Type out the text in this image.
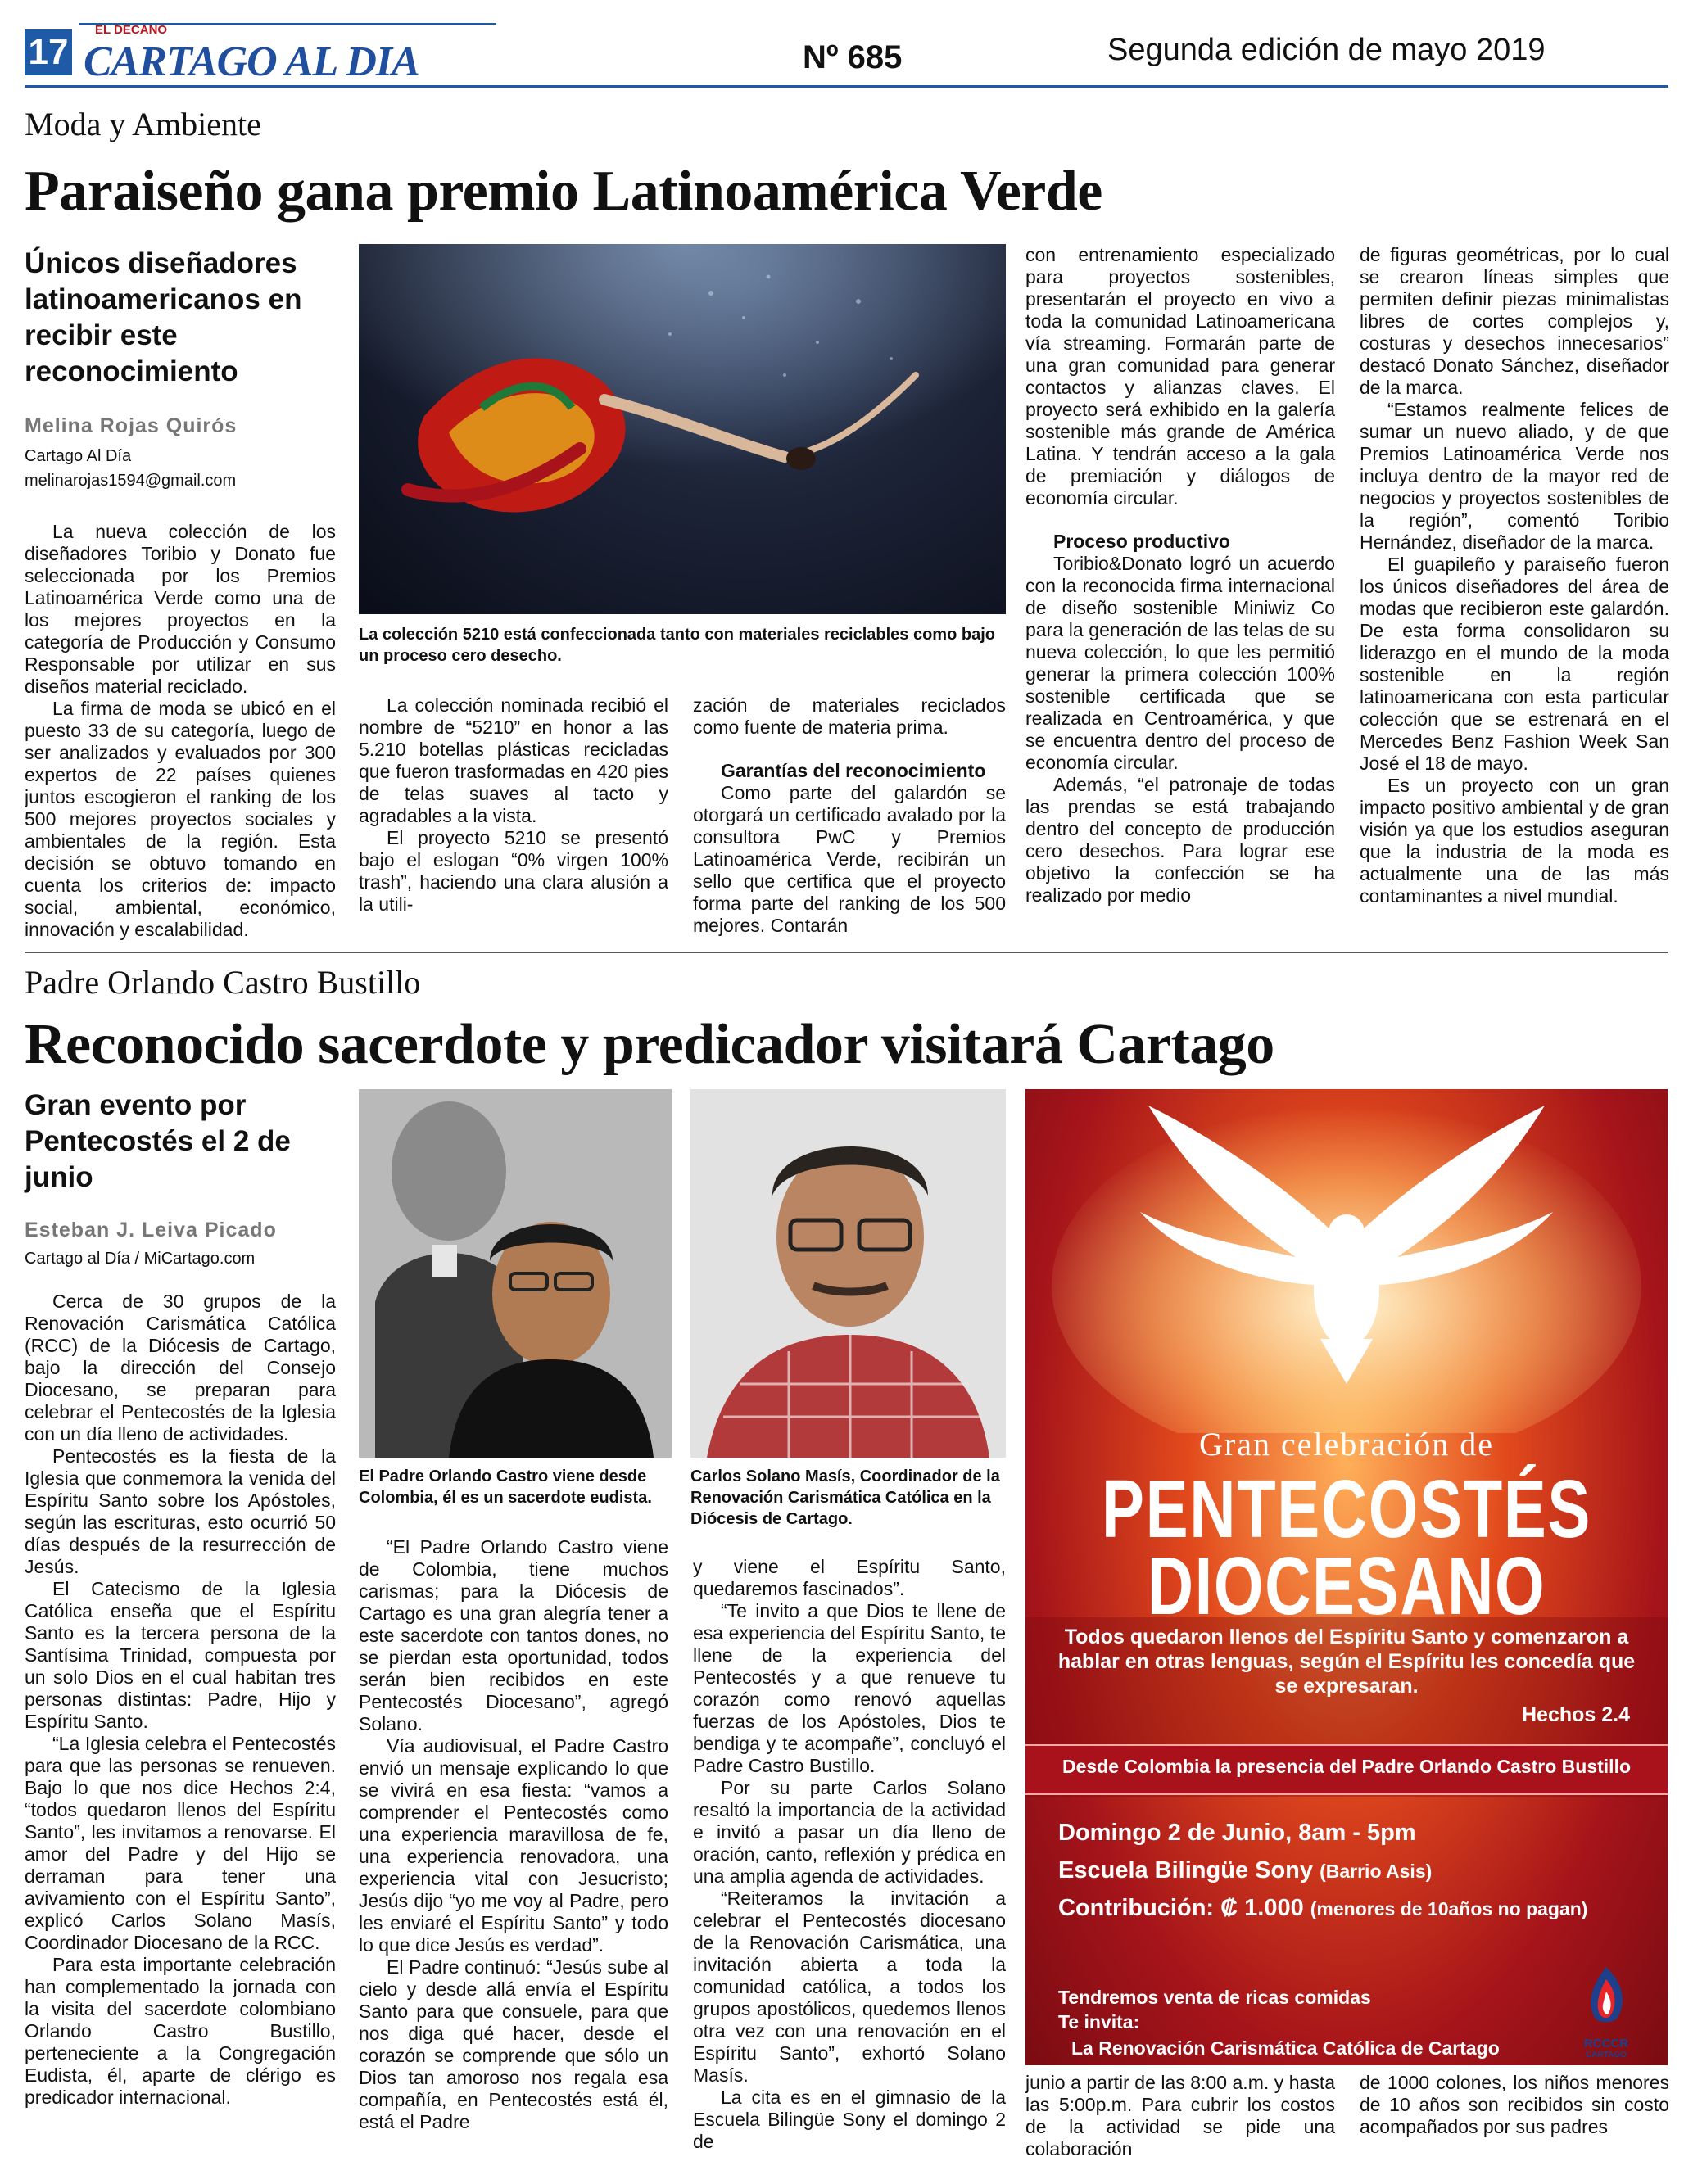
17
EL DECANO
CARTAGO AL DIA	Nº 685	Segunda edición de mayo 2019
Moda y Ambiente
Paraiseño gana premio Latinoamérica Verde
Únicos diseñadores latinoamericanos en recibir este reconocimiento
Melina Rojas Quirós
Cartago Al Día
melinarojas1594@gmail.com

La nueva colección de los diseñadores Toribio y Donato fue seleccionada por los Premios Latinoamérica Verde como una de los mejores proyectos en la categoría de Producción y Consumo Responsable por utilizar en sus diseños material reciclado.

La firma de moda se ubicó en el puesto 33 de su categoría, luego de ser analizados y evaluados por 300 expertos de 22 países quienes juntos escogieron el ranking de los 500 mejores proyectos sociales y ambientales de la región. Esta decisión se obtuvo tomando en cuenta los criterios de: impacto social, ambiental, económico, innovación y escalabilidad.

La colección 5210 está confeccionada tanto con materiales reciclables como bajo un proceso cero desecho.

La colección nominada recibió el nombre de “5210” en honor a las 5.210 botellas plásticas recicladas que fueron trasformadas en 420 pies de telas suaves al tacto y agradables a la vista.

El proyecto 5210 se presentó bajo el eslogan “0% virgen 100% trash”, haciendo una clara alusión a la utili-

zación de materiales reciclados como fuente de materia prima.

Garantías del reconocimiento

Como parte del galardón se otorgará un certificado avalado por la consultora PwC y Premios Latinoamérica Verde, recibirán un sello que certifica que el proyecto forma parte del ranking de los 500 mejores. Contarán

con entrenamiento especializado para proyectos sostenibles, presentarán el proyecto en vivo a toda la comunidad Latinoamericana vía streaming. Formarán parte de una gran comunidad para generar contactos y alianzas claves. El proyecto será exhibido en la galería sostenible más grande de América Latina. Y tendrán acceso a la gala de premiación y diálogos de economía circular.

Proceso productivo

Toribio&Donato logró un acuerdo con la reconocida firma internacional de diseño sostenible Miniwiz Co para la generación de las telas de su nueva colección, lo que les permitió generar la primera colección 100% sostenible certificada que se realizada en Centroamérica, y que se encuentra dentro del proceso de economía circular.

Además, “el patronaje de todas las prendas se está trabajando dentro del concepto de producción cero desechos. Para lograr ese objetivo la confección se ha realizado por medio

de figuras geométricas, por lo cual se crearon líneas simples que permiten definir piezas minimalistas libres de cortes complejos y, costuras y desechos innecesarios” destacó Donato Sánchez, diseñador de la marca.

“Estamos realmente felices de sumar un nuevo aliado, y de que Premios Latinoamérica Verde nos incluya dentro de la mayor red de negocios y proyectos sostenibles de la región”, comentó Toribio Hernández, diseñador de la marca.

El guapileño y paraiseño fueron los únicos diseñadores del área de modas que recibieron este galardón. De esta forma consolidaron su liderazgo en el mundo de la moda sostenible en la región latinoamericana con esta particular colección que se estrenará en el Mercedes Benz Fashion Week San José el 18 de mayo.

Es un proyecto con un gran impacto positivo ambiental y de gran visión ya que los estudios aseguran que la industria de la moda es actualmente una de las más contaminantes a nivel mundial.

Padre Orlando Castro Bustillo
Reconocido sacerdote y predicador visitará Cartago
Gran evento por Pentecostés el 2 de junio
Esteban J. Leiva Picado
Cartago al Día / MiCartago.com

Cerca de 30 grupos de la Renovación Carismática Católica (RCC) de la Diócesis de Cartago, bajo la dirección del Consejo Diocesano, se preparan para celebrar el Pentecostés de la Iglesia con un día lleno de actividades.

Pentecostés es la fiesta de la Iglesia que conmemora la venida del Espíritu Santo sobre los Apóstoles, según las escrituras, esto ocurrió 50 días después de la resurrección de Jesús.

El Catecismo de la Iglesia Católica enseña que el Espíritu Santo es la tercera persona de la Santísima Trinidad, compuesta por un solo Dios en el cual habitan tres personas distintas: Padre, Hijo y Espíritu Santo.

“La Iglesia celebra el Pentecostés para que las personas se renueven. Bajo lo que nos dice Hechos 2:4, “todos quedaron llenos del Espíritu Santo”, les invitamos a renovarse. El amor del Padre y del Hijo se derraman para tener una avivamiento con el Espíritu Santo”, explicó Carlos Solano Masís, Coordinador Diocesano de la RCC.

Para esta importante celebración han complementado la jornada con la visita del sacerdote colombiano Orlando Castro Bustillo, perteneciente a la Congregación Eudista, él, aparte de clérigo es predicador internacional.

El Padre Orlando Castro viene desde Colombia, él es un sacerdote eudista.
Carlos Solano Masís, Coordinador de la Renovación Carismática Católica en la Diócesis de Cartago.

“El Padre Orlando Castro viene de Colombia, tiene muchos carismas; para la Diócesis de Cartago es una gran alegría tener a este sacerdote con tantos dones, no se pierdan esta oportunidad, todos serán bien recibidos en este Pentecostés Diocesano”, agregó Solano.

Vía audiovisual, el Padre Castro envió un mensaje explicando lo que se vivirá en esa fiesta: “vamos a comprender el Pentecostés como una experiencia maravillosa de fe, una experiencia renovadora, una experiencia vital con Jesucristo; Jesús dijo “yo me voy al Padre, pero les enviaré el Espíritu Santo” y todo lo que dice Jesús es verdad”.

El Padre continuó: “Jesús sube al cielo y desde allá envía el Espíritu Santo para que consuele, para que nos diga qué hacer, desde el corazón se comprende que sólo un Dios tan amoroso nos regala esa compañía, en Pentecostés está él, está el Padre

y viene el Espíritu Santo, quedaremos fascinados”.

“Te invito a que Dios te llene de esa experiencia del Espíritu Santo, te llene de la experiencia del Pentecostés y a que renueve tu corazón como renovó aquellas fuerzas de los Apóstoles, Dios te bendiga y te acompañe”, concluyó el Padre Castro Bustillo.

Por su parte Carlos Solano resaltó la importancia de la actividad e invitó a pasar un día lleno de oración, canto, reflexión y prédica en una amplia agenda de actividades.

“Reiteramos la invitación a celebrar el Pentecostés diocesano de la Renovación Carismática, una invitación abierta a toda la comunidad católica, a todos los grupos apostólicos, quedemos llenos otra vez con una renovación en el Espíritu Santo”, exhortó Solano Masís.

La cita es en el gimnasio de la Escuela Bilingüe Sony el domingo 2 de

Gran celebración de
PENTECOSTÉS
DIOCESANO
Todos quedaron llenos del Espíritu Santo y comenzaron a hablar en otras lenguas, según el Espíritu les concedía que se expresaran.
Hechos 2.4
Desde Colombia la presencia del Padre Orlando Castro Bustillo
Domingo 2 de Junio, 8am - 5pm
Escuela Bilingüe Sony (Barrio Asis)
Contribución: ₡ 1.000 (menores de 10años no pagan)
Tendremos venta de ricas comidas
Te invita:
La Renovación Carismática Católica de Cartago	RCCCR
CARTAGO

junio a partir de las 8:00 a.m. y hasta las 5:00p.m. Para cubrir los costos de la actividad se pide una colaboración

de 1000 colones, los niños menores de 10 años son recibidos sin costo acompañados por sus padres
